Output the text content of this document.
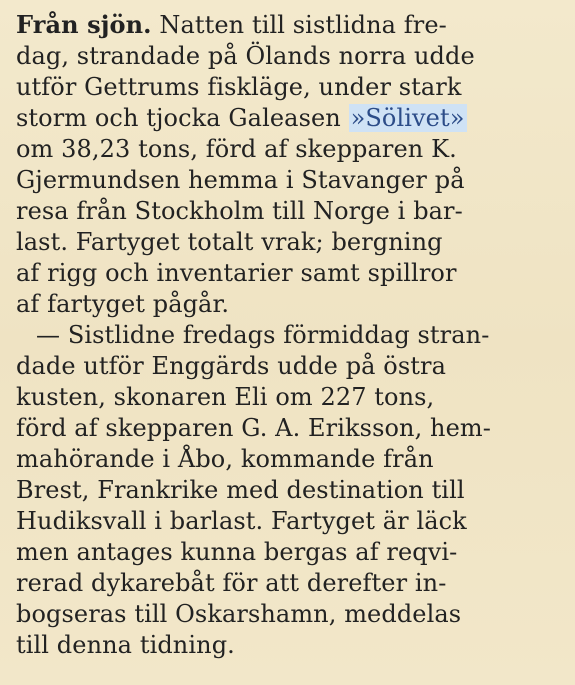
Från sjön. Natten till sistlidna fre-
dag, strandade på Ölands norra udde
utför Gettrums fiskläge, under stark
storm och tjocka Galeasen »Sölivet»
om 38,23 tons, förd af skepparen K.
Gjermundsen hemma i Stavanger på
resa från Stockholm till Norge i bar-
last. Fartyget totalt vrak; bergning
af rigg och inventarier samt spillror
af fartyget pågår.
— Sistlidne fredags förmiddag stran-
dade utför Enggärds udde på östra
kusten, skonaren Eli om 227 tons,
förd af skepparen G. A. Eriksson, hem-
mahörande i Åbo, kommande från
Brest, Frankrike med destination till
Hudiksvall i barlast. Fartyget är läck
men antages kunna bergas af reqvi-
rerad dykarebåt för att derefter in-
bogseras till Oskarshamn, meddelas
till denna tidning.
